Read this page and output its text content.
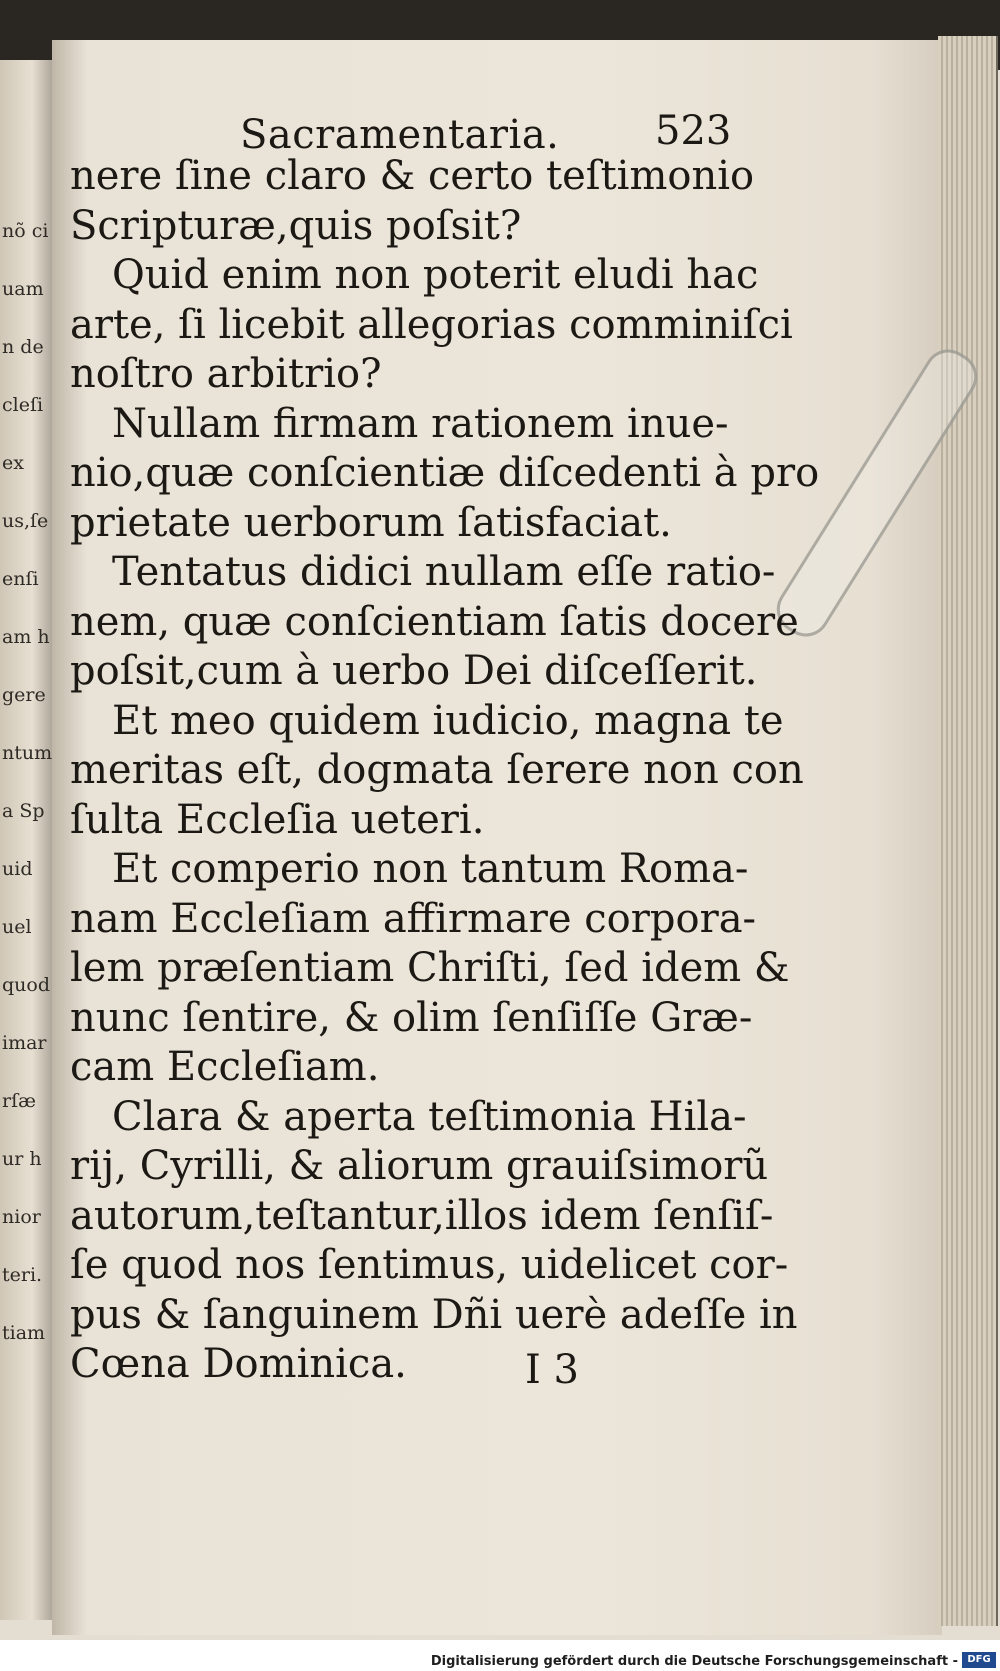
nõ ci
uam
n de
cleſi
ex
us,ſe
enſi
am h
gere
ntum
a Sp
uid
uel
quod
imar
rſæ
ur h
nior
teri.
tiam
Sacramentaria. 523
nere ſine claro & certo teſtimonio
Scripturæ,quis poſsit?
Quid enim non poterit eludi hac
arte, ſi licebit allegorias comminiſci
noſtro arbitrio?
Nullam firmam rationem inue-
nio,quæ conſcientiæ diſcedenti à pro
prietate uerborum ſatisfaciat.
Tentatus didici nullam eſſe ratio-
nem, quæ conſcientiam ſatis docere
poſsit,cum à uerbo Dei diſceſſerit.
Et meo quidem iudicio, magna te
meritas eſt, dogmata ſerere non con
ſulta Eccleſia ueteri.
Et comperio non tantum Roma-
nam Eccleſiam affirmare corpora-
lem præſentiam Chriſti, ſed idem &
nunc ſentire, & olim ſenſiſſe Græ-
cam Eccleſiam.
Clara & aperta teſtimonia Hila-
rij, Cyrilli, & aliorum grauiſsimorũ
autorum,teſtantur,illos idem ſenſiſ-
ſe quod nos ſentimus, uidelicet cor-
pus & ſanguinem Dñi uerè adeſſe in
Cœna Dominica.	I 3
Digitalisierung gefördert durch die Deutsche Forschungsgemeinschaft - DFG
